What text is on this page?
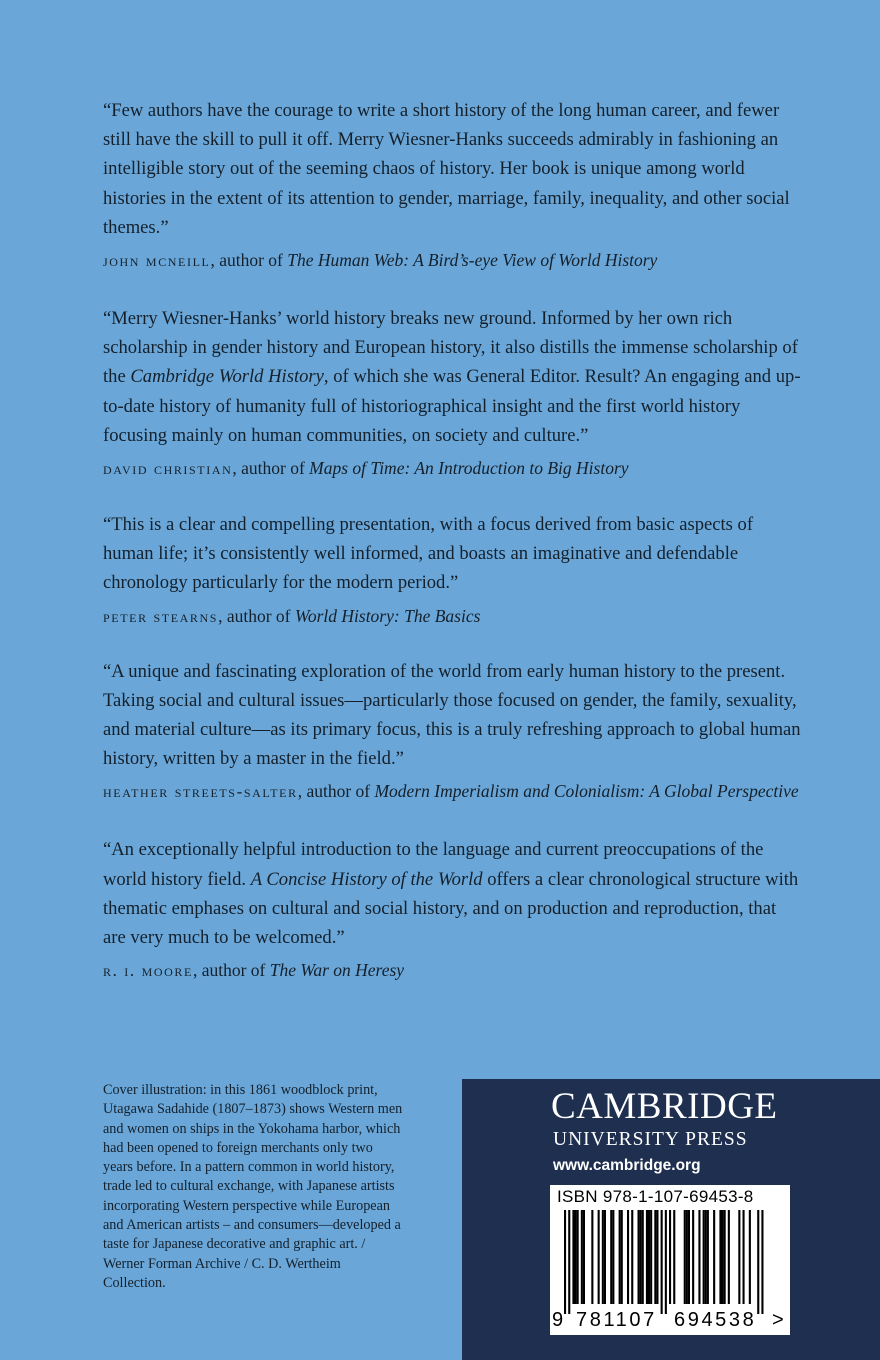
“Few authors have the courage to write a short history of the long human career, and fewer still have the skill to pull it off. Merry Wiesner-Hanks succeeds admirably in fashioning an intelligible story out of the seeming chaos of history. Her book is unique among world histories in the extent of its attention to gender, marriage, family, inequality, and other social themes.”

john mcneill, author of The Human Web: A Bird’s-eye View of World History

“Merry Wiesner-Hanks’ world history breaks new ground. Informed by her own rich scholarship in gender history and European history, it also distills the immense scholarship of the Cambridge World History, of which she was General Editor. Result? An engaging and up-to-date history of humanity full of historiographical insight and the first world history focusing mainly on human communities, on society and culture.”

david christian, author of Maps of Time: An Introduction to Big History

“This is a clear and compelling presentation, with a focus derived from basic aspects of human life; it’s consistently well informed, and boasts an imaginative and defendable chronology particularly for the modern period.”

peter stearns, author of World History: The Basics

“A unique and fascinating exploration of the world from early human history to the present. Taking social and cultural issues—particularly those focused on gender, the family, sexuality, and material culture—as its primary focus, this is a truly refreshing approach to global human history, written by a master in the field.”

heather streets-salter, author of Modern Imperialism and Colonialism: A Global Perspective

“An exceptionally helpful introduction to the language and current preoccupations of the world history field. A Concise History of the World offers a clear chronological structure with thematic emphases on cultural and social history, and on production and reproduction, that are very much to be welcomed.”

r. i. moore, author of The War on Heresy

Cover illustration: in this 1861 woodblock print, Utagawa Sadahide (1807–1873) shows Western men and women on ships in the Yokohama harbor, which had been opened to foreign merchants only two years before. In a pattern common in world history, trade led to cultural exchange, with Japanese artists incorporating Western perspective while European and American artists – and consumers—developed a taste for Japanese decorative and graphic art. / Werner Forman Archive / C. D. Wertheim Collection.
CAMBRIDGE
UNIVERSITY PRESS
www.cambridge.org
ISBN 978-1-107-69453-8
9 781107 694538 >
